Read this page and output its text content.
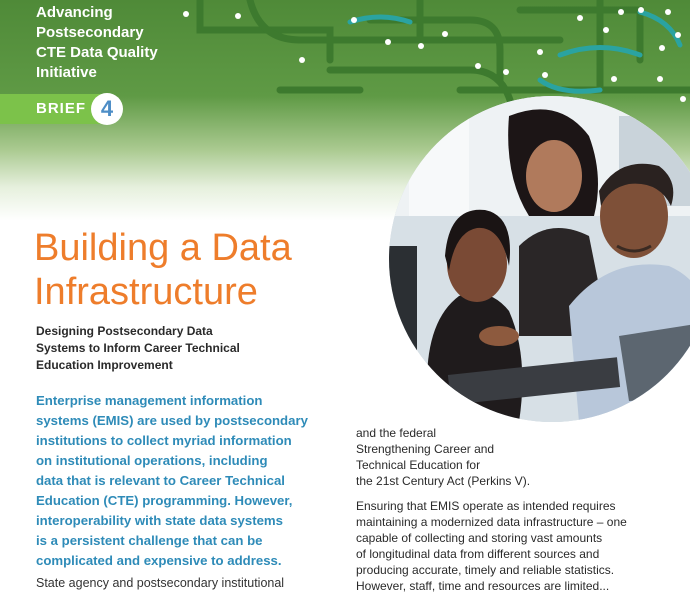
Advancing
Postsecondary
CTE Data Quality
Initiative
BRIEF 4
Building a Data
Infrastructure
Designing Postsecondary Data
Systems to Inform Career Technical
Education Improvement
Enterprise management information
systems (EMIS) are used by postsecondary
institutions to collect myriad information
on institutional operations, including
data that is relevant to Career Technical
Education (CTE) programming. However,
interoperability with state data systems
is a persistent challenge that can be
complicated and expensive to address.
State agency and postsecondary institutional
and the federal
Strengthening Career and
Technical Education for
the 21st Century Act (Perkins V).
Ensuring that EMIS operate as intended requires
maintaining a modernized data infrastructure – one
capable of collecting and storing vast amounts
of longitudinal data from different sources and
producing accurate, timely and reliable statistics.
However, staff, time and resources are limited...
